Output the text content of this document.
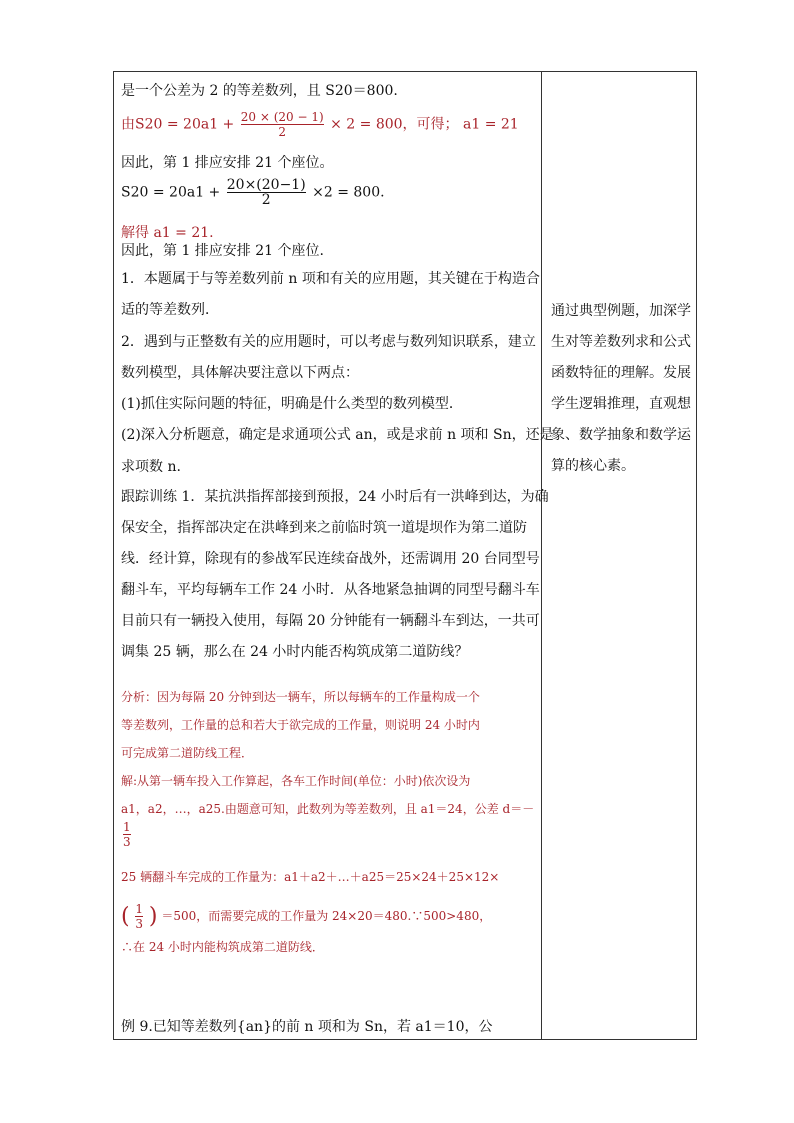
是一个公差为 2 的等差数列，且 S20＝800.
由$S20 = 20a1 + \frac{20 \times (20 - 1)}{2} \times 2 = 800$，可得； a1 = 21
因此，第 1 排应安排 21 个座位。
$S20 = 20a1 + \frac{20\times(20-1)}{2} \times 2 = 800$.
解得 a1 = 21.
因此，第 1 排应安排 21 个座位.
1．本题属于与等差数列前 n 项和有关的应用题，其关键在于构造合
适的等差数列．
2．遇到与正整数有关的应用题时，可以考虑与数列知识联系，建立
数列模型，具体解决要注意以下两点：
(1)抓住实际问题的特征，明确是什么类型的数列模型．
(2)深入分析题意，确定是求通项公式 an，或是求前 n 项和 Sn，还是
求项数 n.
跟踪训练 1．某抗洪指挥部接到预报，24 小时后有一洪峰到达，为确
保安全，指挥部决定在洪峰到来之前临时筑一道堤坝作为第二道防
线．经计算，除现有的参战军民连续奋战外，还需调用 20 台同型号
翻斗车，平均每辆车工作 24 小时．从各地紧急抽调的同型号翻斗车
目前只有一辆投入使用，每隔 20 分钟能有一辆翻斗车到达，一共可
调集 25 辆，那么在 24 小时内能否构筑成第二道防线？
分析：因为每隔 20 分钟到达一辆车，所以每辆车的工作量构成一个
等差数列，工作量的总和若大于欲完成的工作量，则说明 24 小时内
可完成第二道防线工程．
解:从第一辆车投入工作算起，各车工作时间(单位：小时)依次设为
a1，a2，…，a25.由题意可知，此数列为等差数列，且 a1＝24，公差 d＝－
$\frac{1}{3}$
25 辆翻斗车完成的工作量为：a1＋a2＋…＋a25＝25×24＋25×12×
( $\frac{1}{3}$ ) ＝500，而需要完成的工作量为 24×20＝480.∵500>480，
∴在 24 小时内能构筑成第二道防线．
例 9.已知等差数列{an}的前 n 项和为 Sn，若 a1＝10，公
通过典型例题，加深学生对等差数列求和公式函数特征的理解。发展学生逻辑推理，直观想象、数学抽象和数学运算的核心素。
